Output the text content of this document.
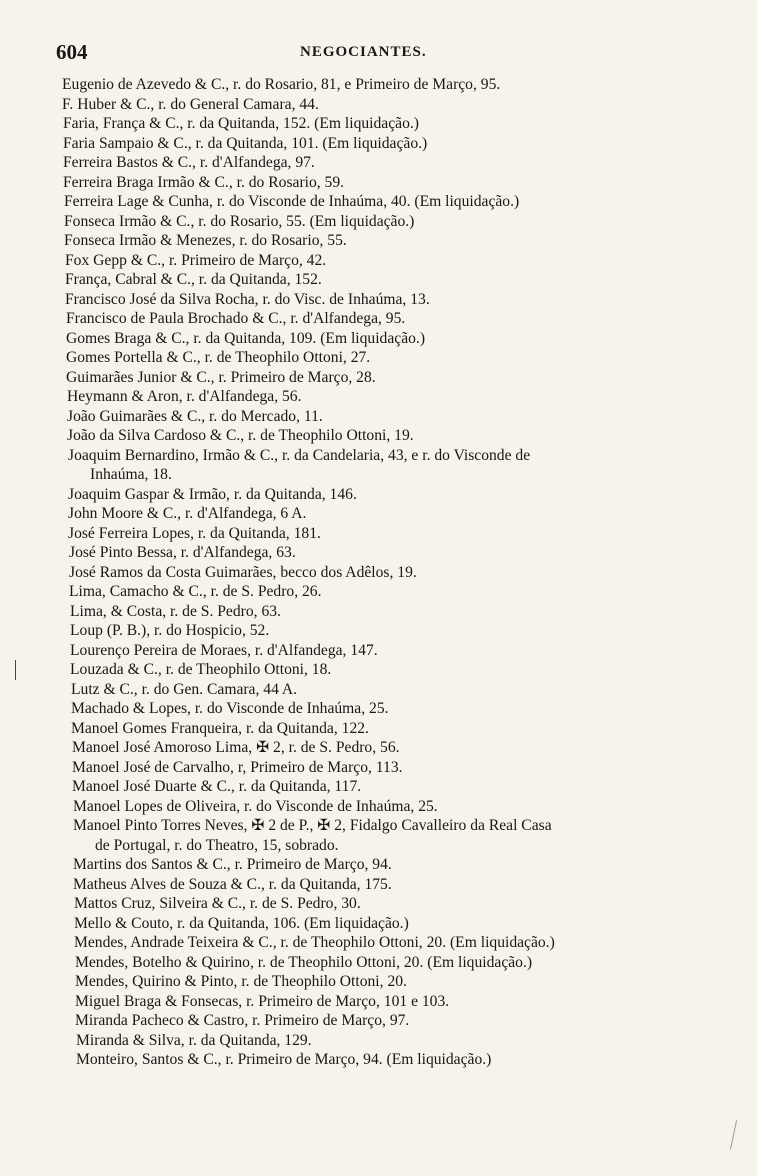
604	NEGOCIANTES.
Eugenio de Azevedo & C., r. do Rosario, 81, e Primeiro de Março, 95.
F. Huber & C., r. do General Camara, 44.
Faria, França & C., r. da Quitanda, 152. (Em liquidação.)
Faria Sampaio & C., r. da Quitanda, 101. (Em liquidação.)
Ferreira Bastos & C., r. d'Alfandega, 97.
Ferreira Braga Irmão & C., r. do Rosario, 59.
Ferreira Lage & Cunha, r. do Visconde de Inhaúma, 40. (Em liquidação.)
Fonseca Irmão & C., r. do Rosario, 55. (Em liquidação.)
Fonseca Irmão & Menezes, r. do Rosario, 55.
Fox Gepp & C., r. Primeiro de Março, 42.
França, Cabral & C., r. da Quitanda, 152.
Francisco José da Silva Rocha, r. do Visc. de Inhaúma, 13.
Francisco de Paula Brochado & C., r. d'Alfandega, 95.
Gomes Braga & C., r. da Quitanda, 109. (Em liquidação.)
Gomes Portella & C., r. de Theophilo Ottoni, 27.
Guimarães Junior & C., r. Primeiro de Março, 28.
Heymann & Aron, r. d'Alfandega, 56.
João Guimarães & C., r. do Mercado, 11.
João da Silva Cardoso & C., r. de Theophilo Ottoni, 19.
Joaquim Bernardino, Irmão & C., r. da Candelaria, 43, e r. do Visconde de
Inhaúma, 18.
Joaquim Gaspar & Irmão, r. da Quitanda, 146.
John Moore & C., r. d'Alfandega, 6 A.
José Ferreira Lopes, r. da Quitanda, 181.
José Pinto Bessa, r. d'Alfandega, 63.
José Ramos da Costa Guimarães, becco dos Adêlos, 19.
Lima, Camacho & C., r. de S. Pedro, 26.
Lima, & Costa, r. de S. Pedro, 63.
Loup (P. B.), r. do Hospicio, 52.
Lourenço Pereira de Moraes, r. d'Alfandega, 147.
Louzada & C., r. de Theophilo Ottoni, 18.
Lutz & C., r. do Gen. Camara, 44 A.
Machado & Lopes, r. do Visconde de Inhaúma, 25.
Manoel Gomes Franqueira, r. da Quitanda, 122.
Manoel José Amoroso Lima, ✠ 2, r. de S. Pedro, 56.
Manoel José de Carvalho, r, Primeiro de Março, 113.
Manoel José Duarte & C., r. da Quitanda, 117.
Manoel Lopes de Oliveira, r. do Visconde de Inhaúma, 25.
Manoel Pinto Torres Neves, ✠ 2 de P., ✠ 2, Fidalgo Cavalleiro da Real Casa
de Portugal, r. do Theatro, 15, sobrado.
Martins dos Santos & C., r. Primeiro de Março, 94.
Matheus Alves de Souza & C., r. da Quitanda, 175.
Mattos Cruz, Silveira & C., r. de S. Pedro, 30.
Mello & Couto, r. da Quitanda, 106. (Em liquidação.)
Mendes, Andrade Teixeira & C., r. de Theophilo Ottoni, 20. (Em liquidação.)
Mendes, Botelho & Quirino, r. de Theophilo Ottoni, 20. (Em liquidação.)
Mendes, Quirino & Pinto, r. de Theophilo Ottoni, 20.
Miguel Braga & Fonsecas, r. Primeiro de Março, 101 e 103.
Miranda Pacheco & Castro, r. Primeiro de Março, 97.
Miranda & Silva, r. da Quitanda, 129.
Monteiro, Santos & C., r. Primeiro de Março, 94. (Em liquidação.)
